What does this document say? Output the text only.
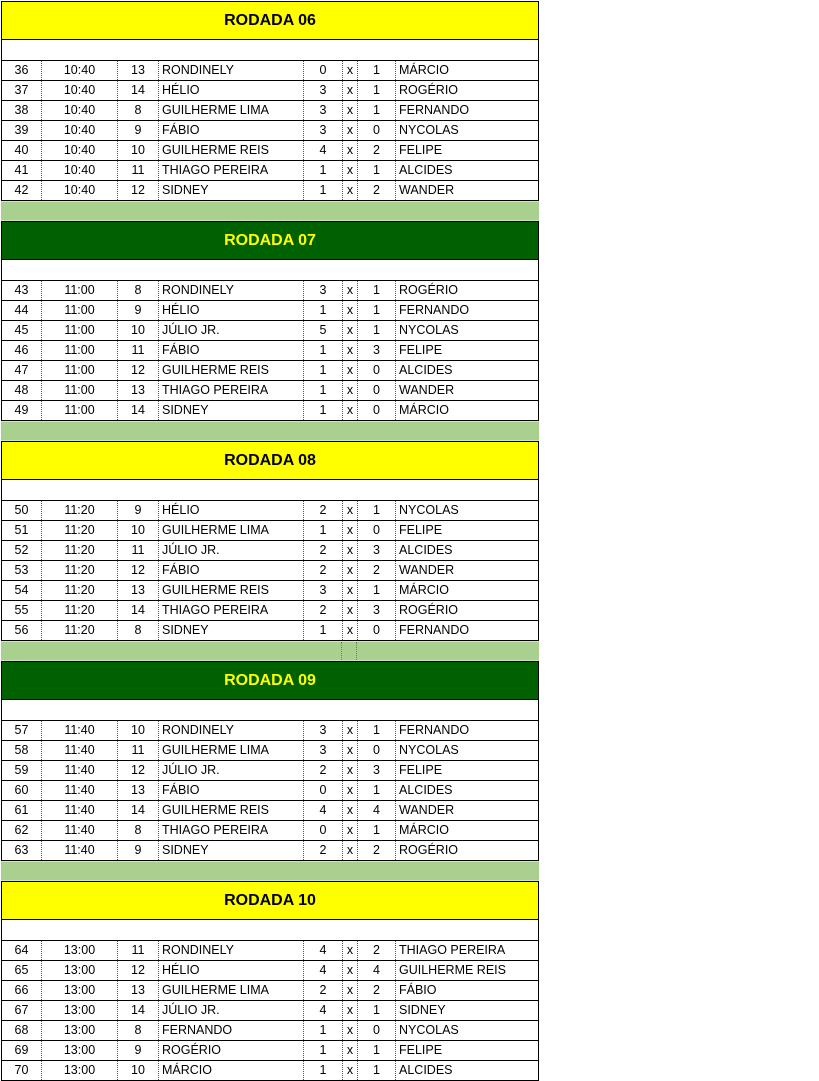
RODADA 06
36	10:40	13	RONDINELY	0	x	1	MÁRCIO
37	10:40	14	HÉLIO	3	x	1	ROGÉRIO
38	10:40	8	GUILHERME LIMA	3	x	1	FERNANDO
39	10:40	9	FÁBIO	3	x	0	NYCOLAS
40	10:40	10	GUILHERME REIS	4	x	2	FELIPE
41	10:40	11	THIAGO PEREIRA	1	x	1	ALCIDES
42	10:40	12	SIDNEY	1	x	2	WANDER
RODADA 07
43	11:00	8	RONDINELY	3	x	1	ROGÉRIO
44	11:00	9	HÉLIO	1	x	1	FERNANDO
45	11:00	10	JÚLIO JR.	5	x	1	NYCOLAS
46	11:00	11	FÁBIO	1	x	3	FELIPE
47	11:00	12	GUILHERME REIS	1	x	0	ALCIDES
48	11:00	13	THIAGO PEREIRA	1	x	0	WANDER
49	11:00	14	SIDNEY	1	x	0	MÁRCIO
RODADA 08
50	11:20	9	HÉLIO	2	x	1	NYCOLAS
51	11:20	10	GUILHERME LIMA	1	x	0	FELIPE
52	11:20	11	JÚLIO JR.	2	x	3	ALCIDES
53	11:20	12	FÁBIO	2	x	2	WANDER
54	11:20	13	GUILHERME REIS	3	x	1	MÁRCIO
55	11:20	14	THIAGO PEREIRA	2	x	3	ROGÉRIO
56	11:20	8	SIDNEY	1	x	0	FERNANDO
RODADA 09
57	11:40	10	RONDINELY	3	x	1	FERNANDO
58	11:40	11	GUILHERME LIMA	3	x	0	NYCOLAS
59	11:40	12	JÚLIO JR.	2	x	3	FELIPE
60	11:40	13	FÁBIO	0	x	1	ALCIDES
61	11:40	14	GUILHERME REIS	4	x	4	WANDER
62	11:40	8	THIAGO PEREIRA	0	x	1	MÁRCIO
63	11:40	9	SIDNEY	2	x	2	ROGÉRIO
RODADA 10
64	13:00	11	RONDINELY	4	x	2	THIAGO PEREIRA
65	13:00	12	HÉLIO	4	x	4	GUILHERME REIS
66	13:00	13	GUILHERME LIMA	2	x	2	FÁBIO
67	13:00	14	JÚLIO JR.	4	x	1	SIDNEY
68	13:00	8	FERNANDO	1	x	0	NYCOLAS
69	13:00	9	ROGÉRIO	1	x	1	FELIPE
70	13:00	10	MÁRCIO	1	x	1	ALCIDES
